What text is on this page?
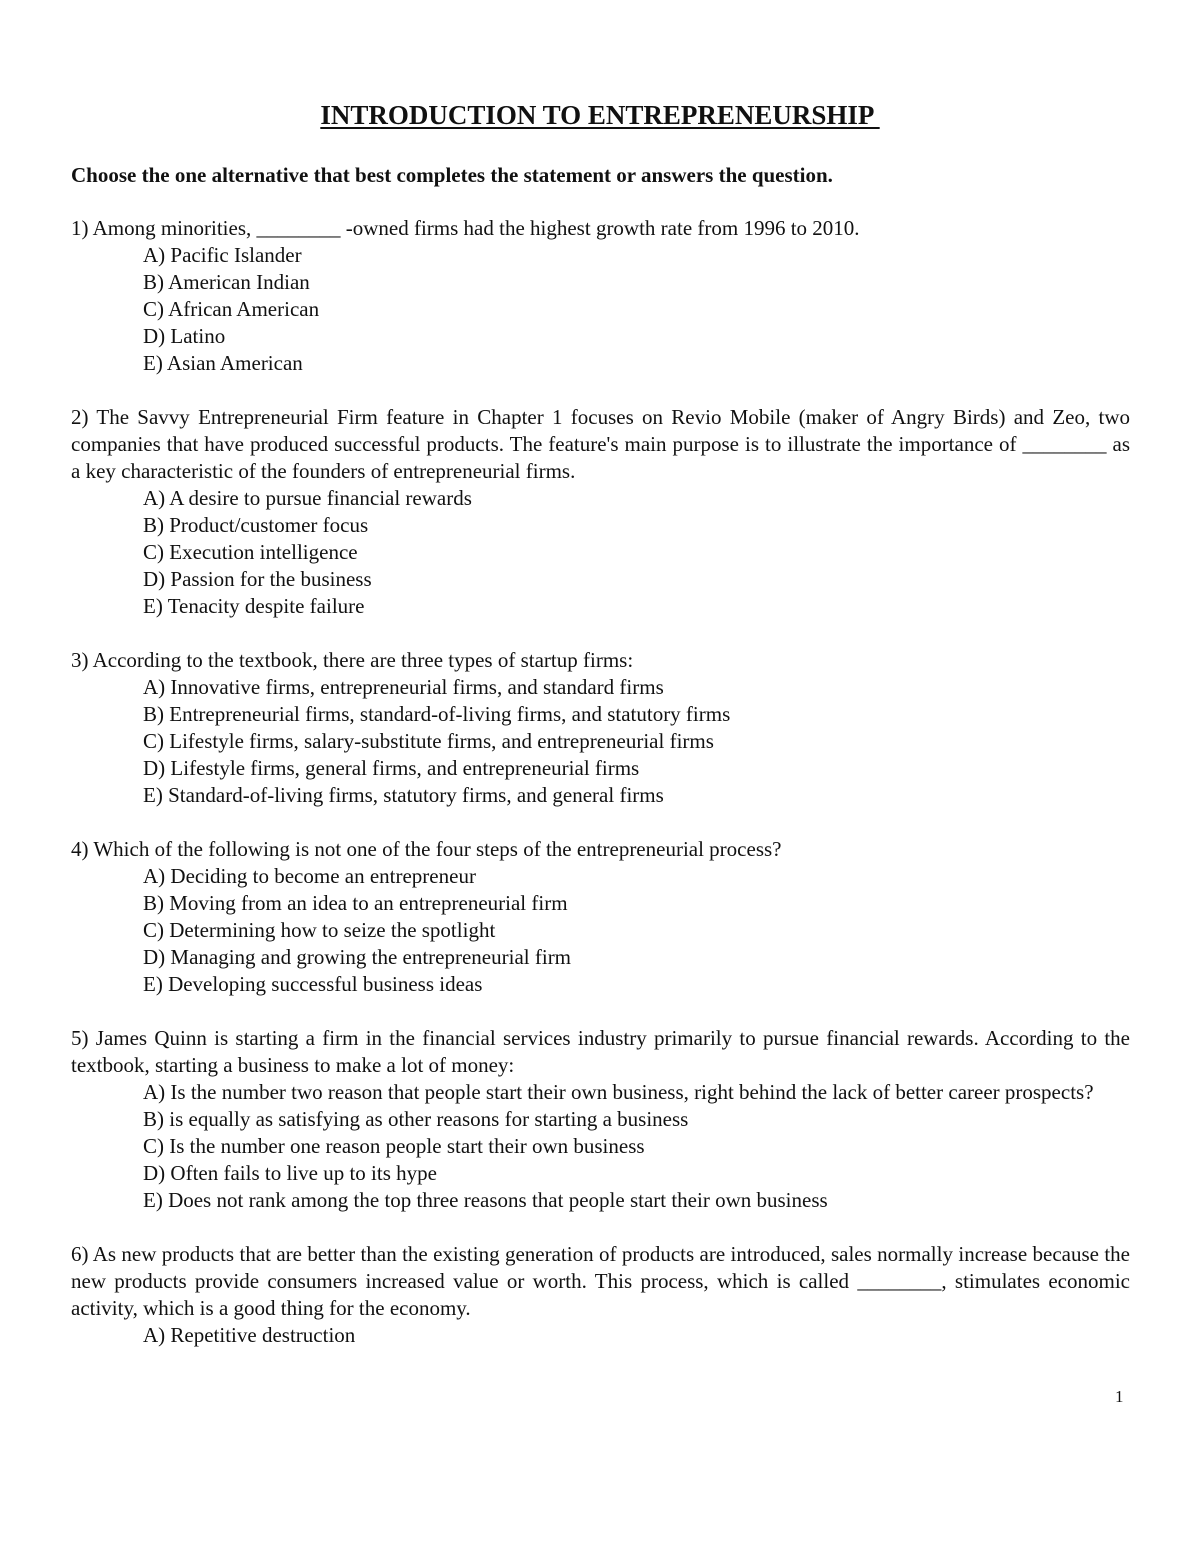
INTRODUCTION TO ENTREPRENEURSHIP
Choose the one alternative that best completes the statement or answers the question.

1) Among minorities, ________ -owned firms had the highest growth rate from 1996 to 2010.

A) Pacific Islander
B) American Indian
C) African American
D) Latino
E) Asian American

2) The Savvy Entrepreneurial Firm feature in Chapter 1 focuses on Revio Mobile (maker of Angry Birds) and Zeo, two companies that have produced successful products. The feature's main purpose is to illustrate the importance of ________ as a key characteristic of the founders of entrepreneurial firms.

A) A desire to pursue financial rewards
B) Product/customer focus
C) Execution intelligence
D) Passion for the business
E) Tenacity despite failure

3) According to the textbook, there are three types of startup firms:

A) Innovative firms, entrepreneurial firms, and standard firms
B) Entrepreneurial firms, standard-of-living firms, and statutory firms
C) Lifestyle firms, salary-substitute firms, and entrepreneurial firms
D) Lifestyle firms, general firms, and entrepreneurial firms
E) Standard-of-living firms, statutory firms, and general firms

4) Which of the following is not one of the four steps of the entrepreneurial process?

A) Deciding to become an entrepreneur
B) Moving from an idea to an entrepreneurial firm
C) Determining how to seize the spotlight
D) Managing and growing the entrepreneurial firm
E) Developing successful business ideas

5) James Quinn is starting a firm in the financial services industry primarily to pursue financial rewards. According to the textbook, starting a business to make a lot of money:

A) Is the number two reason that people start their own business, right behind the lack of better career prospects?
B) is equally as satisfying as other reasons for starting a business
C) Is the number one reason people start their own business
D) Often fails to live up to its hype
E) Does not rank among the top three reasons that people start their own business

6) As new products that are better than the existing generation of products are introduced, sales normally increase because the new products provide consumers increased value or worth. This process, which is called ________, stimulates economic activity, which is a good thing for the economy.

A) Repetitive destruction
1
